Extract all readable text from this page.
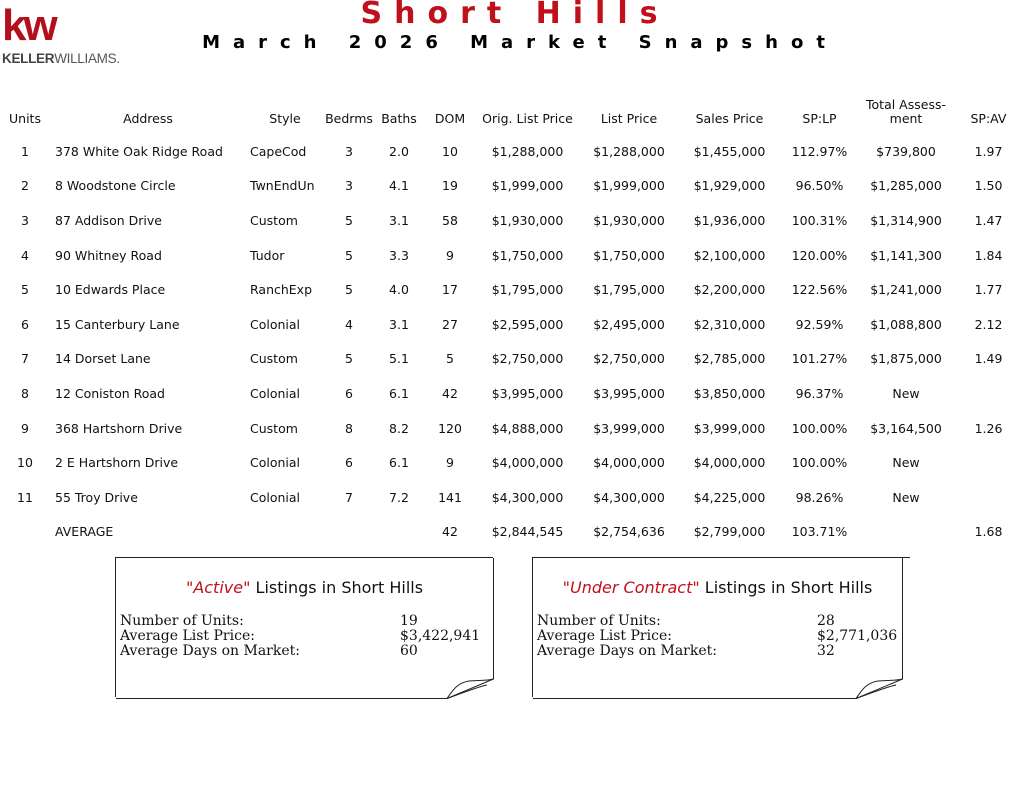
kw
KELLERWILLIAMS.
Short Hills
March 2026 Market Snapshot
Units	Address	Style	Bedrms	Baths	DOM	Orig. List Price	List Price	Sales Price	SP:LP	Total Assess- ment	SP:AV
1	378 White Oak Ridge Road	CapeCod	3	2.0	10	$1,288,000	$1,288,000	$1,455,000	112.97%	$739,800	1.97
2	8 Woodstone Circle	TwnEndUn	3	4.1	19	$1,999,000	$1,999,000	$1,929,000	96.50%	$1,285,000	1.50
3	87 Addison Drive	Custom	5	3.1	58	$1,930,000	$1,930,000	$1,936,000	100.31%	$1,314,900	1.47
4	90 Whitney Road	Tudor	5	3.3	9	$1,750,000	$1,750,000	$2,100,000	120.00%	$1,141,300	1.84
5	10 Edwards Place	RanchExp	5	4.0	17	$1,795,000	$1,795,000	$2,200,000	122.56%	$1,241,000	1.77
6	15 Canterbury Lane	Colonial	4	3.1	27	$2,595,000	$2,495,000	$2,310,000	92.59%	$1,088,800	2.12
7	14 Dorset Lane	Custom	5	5.1	5	$2,750,000	$2,750,000	$2,785,000	101.27%	$1,875,000	1.49
8	12 Coniston Road	Colonial	6	6.1	42	$3,995,000	$3,995,000	$3,850,000	96.37%	New	
9	368 Hartshorn Drive	Custom	8	8.2	120	$4,888,000	$3,999,000	$3,999,000	100.00%	$3,164,500	1.26
10	2 E Hartshorn Drive	Colonial	6	6.1	9	$4,000,000	$4,000,000	$4,000,000	100.00%	New	
11	55 Troy Drive	Colonial	7	7.2	141	$4,300,000	$4,300,000	$4,225,000	98.26%	New	
	AVERAGE				42	$2,844,545	$2,754,636	$2,799,000	103.71%		1.68
"Active" Listings in Short Hills
Number of Units:	19
Average List Price:	$3,422,941
Average Days on Market:	60
"Under Contract" Listings in Short Hills
Number of Units:	28
Average List Price:	$2,771,036
Average Days on Market:	32
